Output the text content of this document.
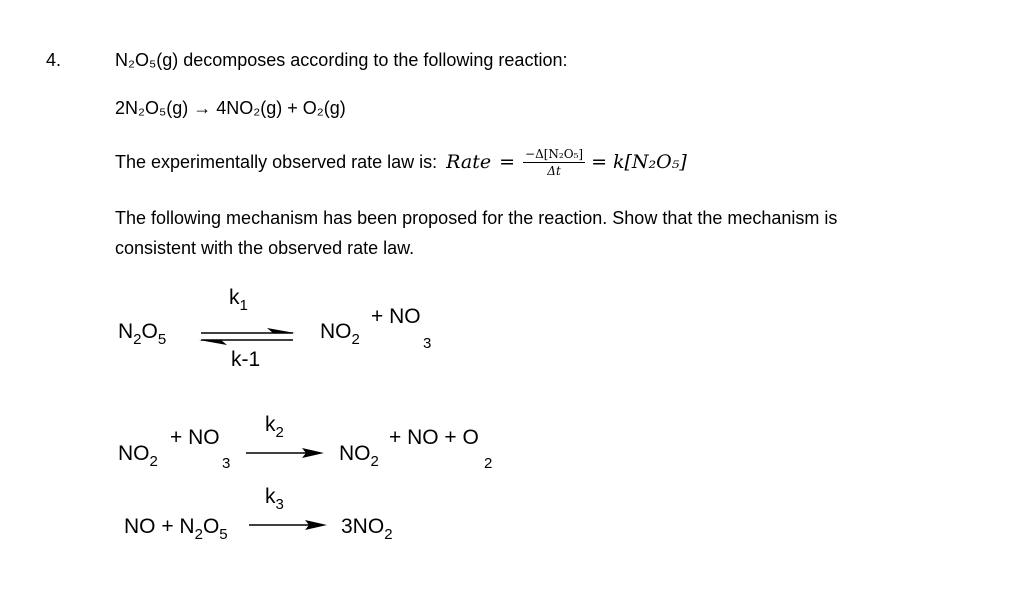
4.	N₂O₅(g) decomposes according to the following reaction:
2N₂O₅(g) → 4NO₂(g) + O₂(g)
The experimentally observed rate law is: Rate = $\frac{\text{−Δ[N₂O₅]}}{\Delta t} = k[N_2O_5]$
The following mechanism has been proposed for the reaction. Show that the mechanism is
consistent with the observed rate law.
$N_2O_5$
$k_1$
k-1
$NO_2$
+ NO
3
$NO_2$
+ NO
3
$k_2$
$NO_2$
+ NO + O
2
NO + $N_2O_5$
$k_3$
$3NO_2$
